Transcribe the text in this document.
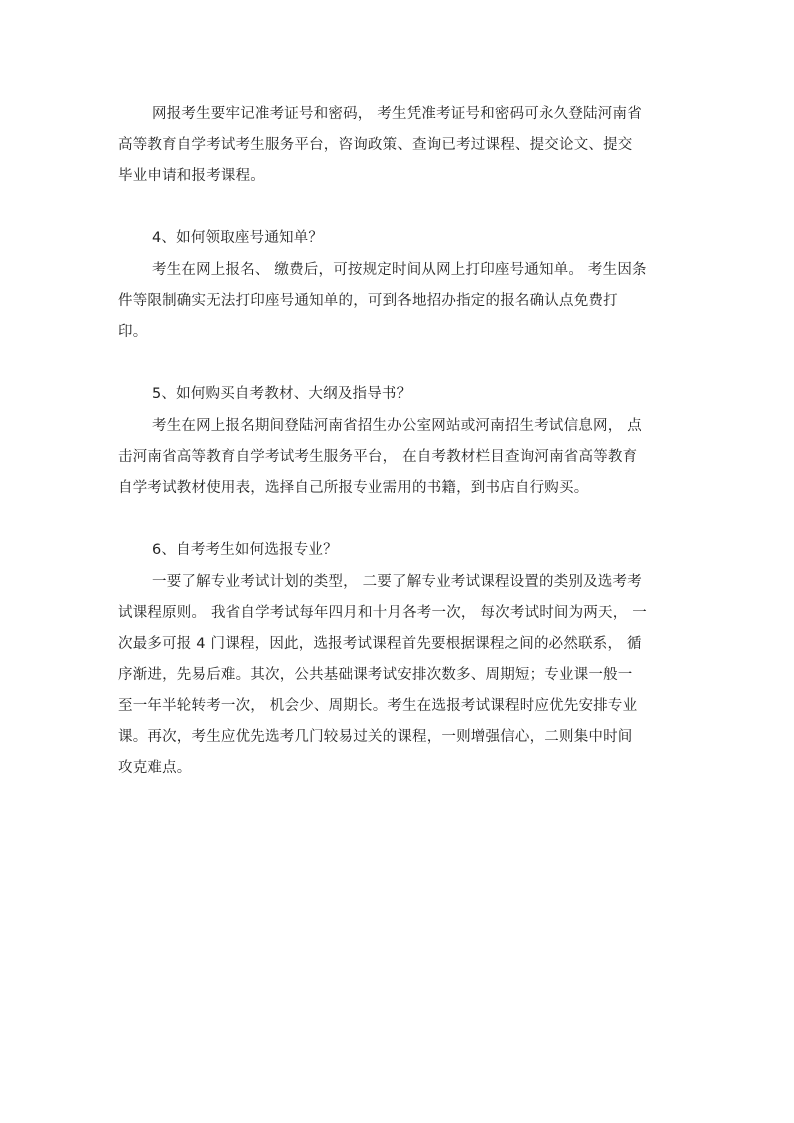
网报考生要牢记准考证号和密码， 考生凭准考证号和密码可永久登陆河南省
高等教育自学考试考生服务平台，咨询政策、查询已考过课程、提交论文、提交
毕业申请和报考课程。
4、如何领取座号通知单？
考生在网上报名、 缴费后，可按规定时间从网上打印座号通知单。 考生因条
件等限制确实无法打印座号通知单的，可到各地招办指定的报名确认点免费打
印。
5、如何购买自考教材、大纲及指导书？
考生在网上报名期间登陆河南省招生办公室网站或河南招生考试信息网， 点
击河南省高等教育自学考试考生服务平台， 在自考教材栏目查询河南省高等教育
自学考试教材使用表，选择自己所报专业需用的书籍，到书店自行购买。
6、自考考生如何选报专业？
一要了解专业考试计划的类型， 二要了解专业考试课程设置的类别及选考考
试课程原则。 我省自学考试每年四月和十月各考一次， 每次考试时间为两天， 一
次最多可报 4 门课程，因此，选报考试课程首先要根据课程之间的必然联系， 循
序渐进，先易后难。其次，公共基础课考试安排次数多、周期短；专业课一般一
至一年半轮转考一次， 机会少、周期长。考生在选报考试课程时应优先安排专业
课。再次，考生应优先选考几门较易过关的课程，一则增强信心，二则集中时间
攻克难点。
